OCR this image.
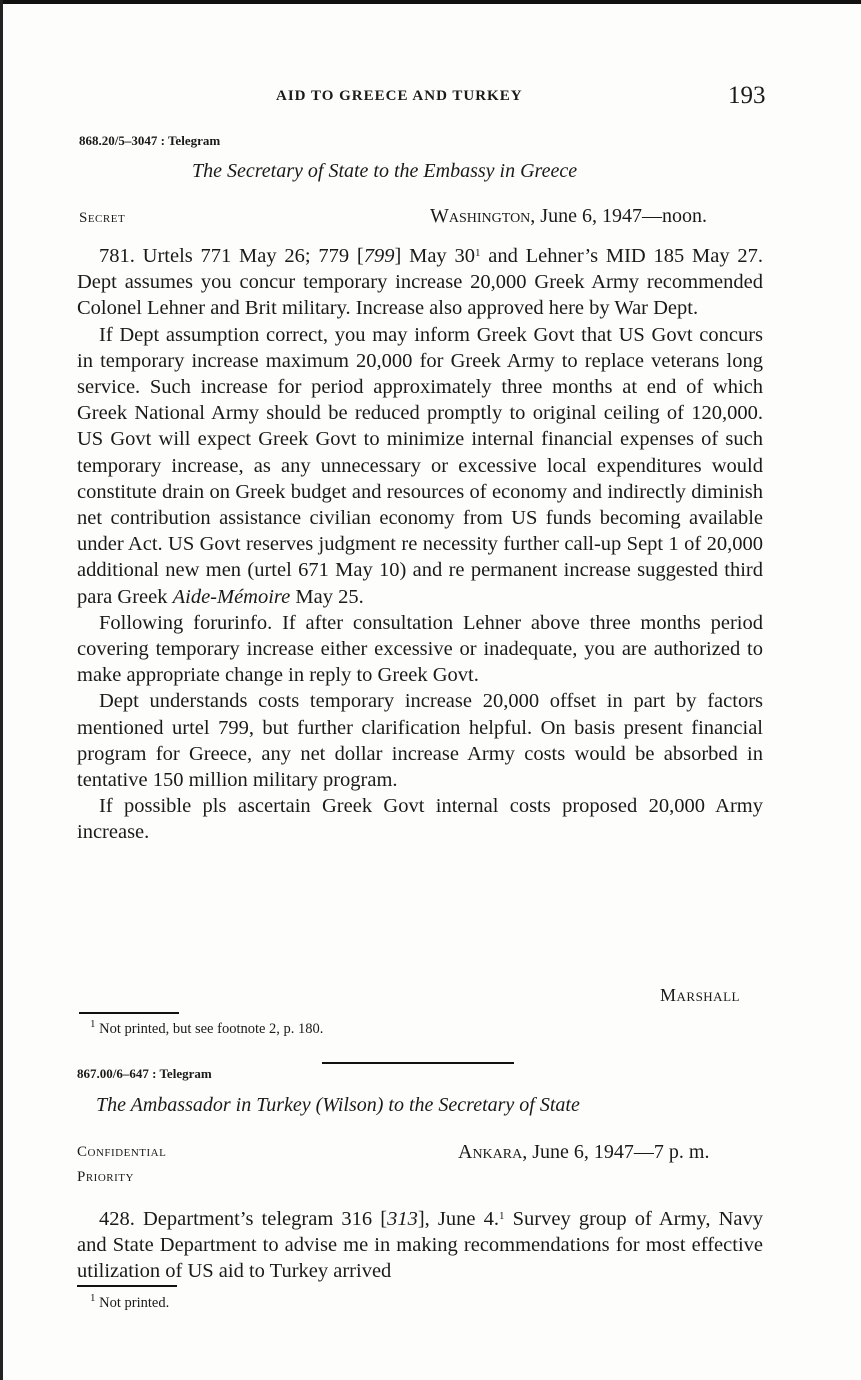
AID TO GREECE AND TURKEY	193
868.20/5–3047 : Telegram
The Secretary of State to the Embassy in Greece
Secret	Washington, June 6, 1947—noon.

781. Urtels 771 May 26; 779 [799] May 30$^1$ and Lehner’s MID 185 May 27. Dept assumes you concur temporary increase 20,000 Greek Army recommended Colonel Lehner and Brit military. Increase also approved here by War Dept.

If Dept assumption correct, you may inform Greek Govt that US Govt concurs in temporary increase maximum 20,000 for Greek Army to replace veterans long service. Such increase for period approximately three months at end of which Greek National Army should be reduced promptly to original ceiling of 120,000. US Govt will expect Greek Govt to minimize internal financial expenses of such temporary increase, as any unnecessary or excessive local expenditures would constitute drain on Greek budget and resources of economy and indirectly diminish net contribution assistance civilian economy from US funds becoming available under Act. US Govt reserves judgment re necessity further call-up Sept 1 of 20,000 additional new men (urtel 671 May 10) and re permanent increase suggested third para Greek Aide-Mémoire May 25.

Following forurinfo. If after consultation Lehner above three months period covering temporary increase either excessive or inadequate, you are authorized to make appropriate change in reply to Greek Govt.

Dept understands costs temporary increase 20,000 offset in part by factors mentioned urtel 799, but further clarification helpful. On basis present financial program for Greece, any net dollar increase Army costs would be absorbed in tentative 150 million military program.

If possible pls ascertain Greek Govt internal costs proposed 20,000 Army increase.

Marshall
$^1$ Not printed, but see footnote 2, p. 180.
867.00/6–647 : Telegram
The Ambassador in Turkey (Wilson) to the Secretary of State
Confidential
Priority
Ankara, June 6, 1947—7 p. m.

428. Department’s telegram 316 [313], June 4.$^1$ Survey group of Army, Navy and State Department to advise me in making recommendations for most effective utilization of US aid to Turkey arrived

$^1$ Not printed.
